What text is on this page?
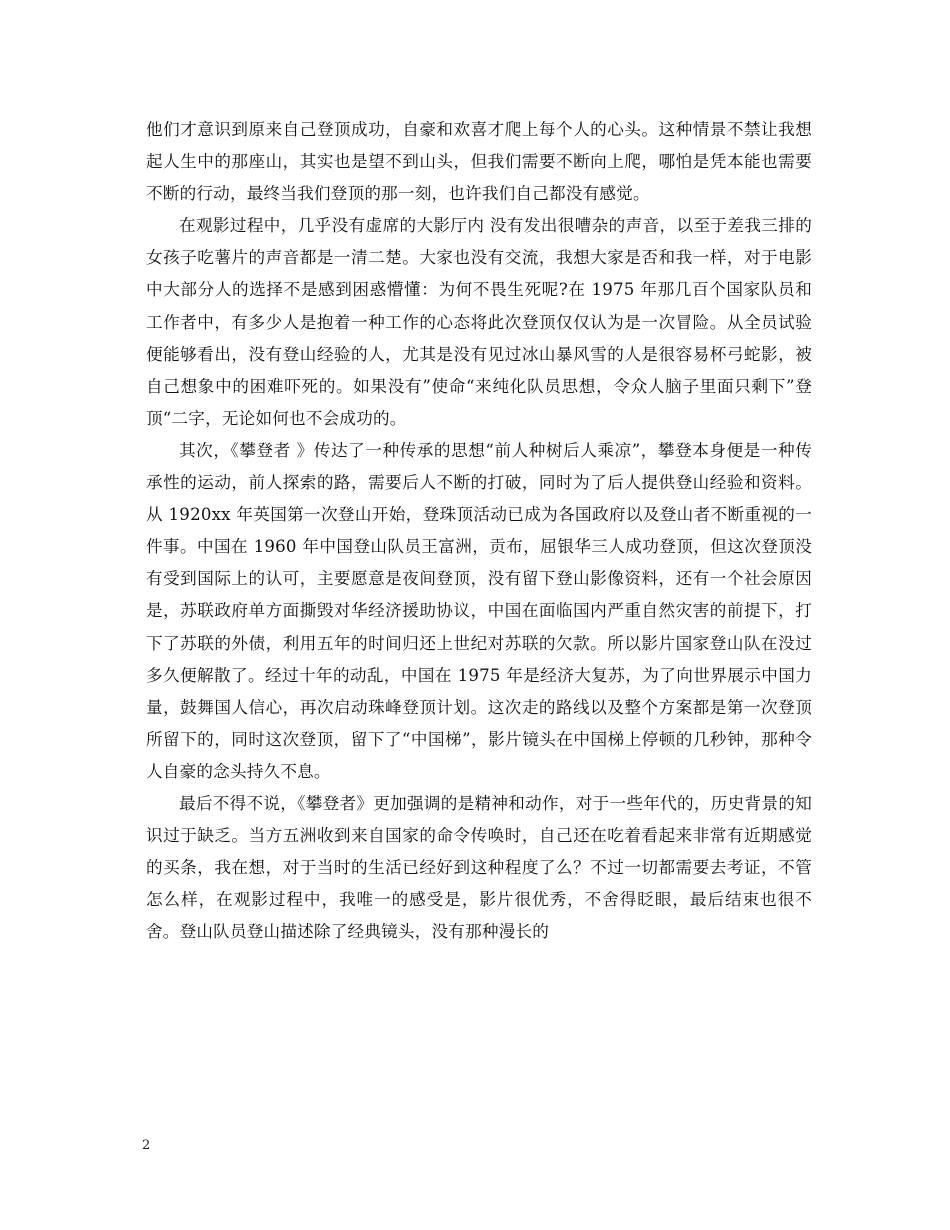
他们才意识到原来自己登顶成功，自豪和欢喜才爬上每个人的心头。这种情景不禁让我想起人生中的那座山，其实也是望不到山头，但我们需要不断向上爬，哪怕是凭本能也需要不断的行动，最终当我们登顶的那一刻，也许我们自己都没有感觉。

在观影过程中，几乎没有虚席的大影厅内 没有发出很嘈杂的声音，以至于差我三排的女孩子吃薯片的声音都是一清二楚。大家也没有交流，我想大家是否和我一样，对于电影中大部分人的选择不是感到困惑懵懂：为何不畏生死呢?在 1975 年那几百个国家队员和工作者中，有多少人是抱着一种工作的心态将此次登顶仅仅认为是一次冒险。从全员试验便能够看出，没有登山经验的人，尤其是没有见过冰山暴风雪的人是很容易杯弓蛇影，被自己想象中的困难吓死的。如果没有”使命“来纯化队员思想，令众人脑子里面只剩下”登顶“二字，无论如何也不会成功的。

其次，《攀登者 》传达了一种传承的思想“前人种树后人乘凉”，攀登本身便是一种传承性的运动，前人探索的路，需要后人不断的打破，同时为了后人提供登山经验和资料。从 1920xx 年英国第一次登山开始，登珠顶活动已成为各国政府以及登山者不断重视的一件事。中国在 1960 年中国登山队员王富洲，贡布，屈银华三人成功登顶，但这次登顶没有受到国际上的认可，主要愿意是夜间登顶，没有留下登山影像资料，还有一个社会原因是，苏联政府单方面撕毁对华经济援助协议，中国在面临国内严重自然灾害的前提下，打下了苏联的外债，利用五年的时间归还上世纪对苏联的欠款。所以影片国家登山队在没过多久便解散了。经过十年的动乱，中国在 1975 年是经济大复苏，为了向世界展示中国力量，鼓舞国人信心，再次启动珠峰登顶计划。这次走的路线以及整个方案都是第一次登顶所留下的，同时这次登顶，留下了“中国梯”，影片镜头在中国梯上停顿的几秒钟，那种令人自豪的念头持久不息。

最后不得不说，《攀登者》更加强调的是精神和动作，对于一些年代的，历史背景的知识过于缺乏。当方五洲收到来自国家的命令传唤时，自己还在吃着看起来非常有近期感觉的买条，我在想，对于当时的生活已经好到这种程度了么？不过一切都需要去考证，不管怎么样，在观影过程中，我唯一的感受是，影片很优秀，不舍得眨眼，最后结束也很不舍。登山队员登山描述除了经典镜头，没有那种漫长的

2
